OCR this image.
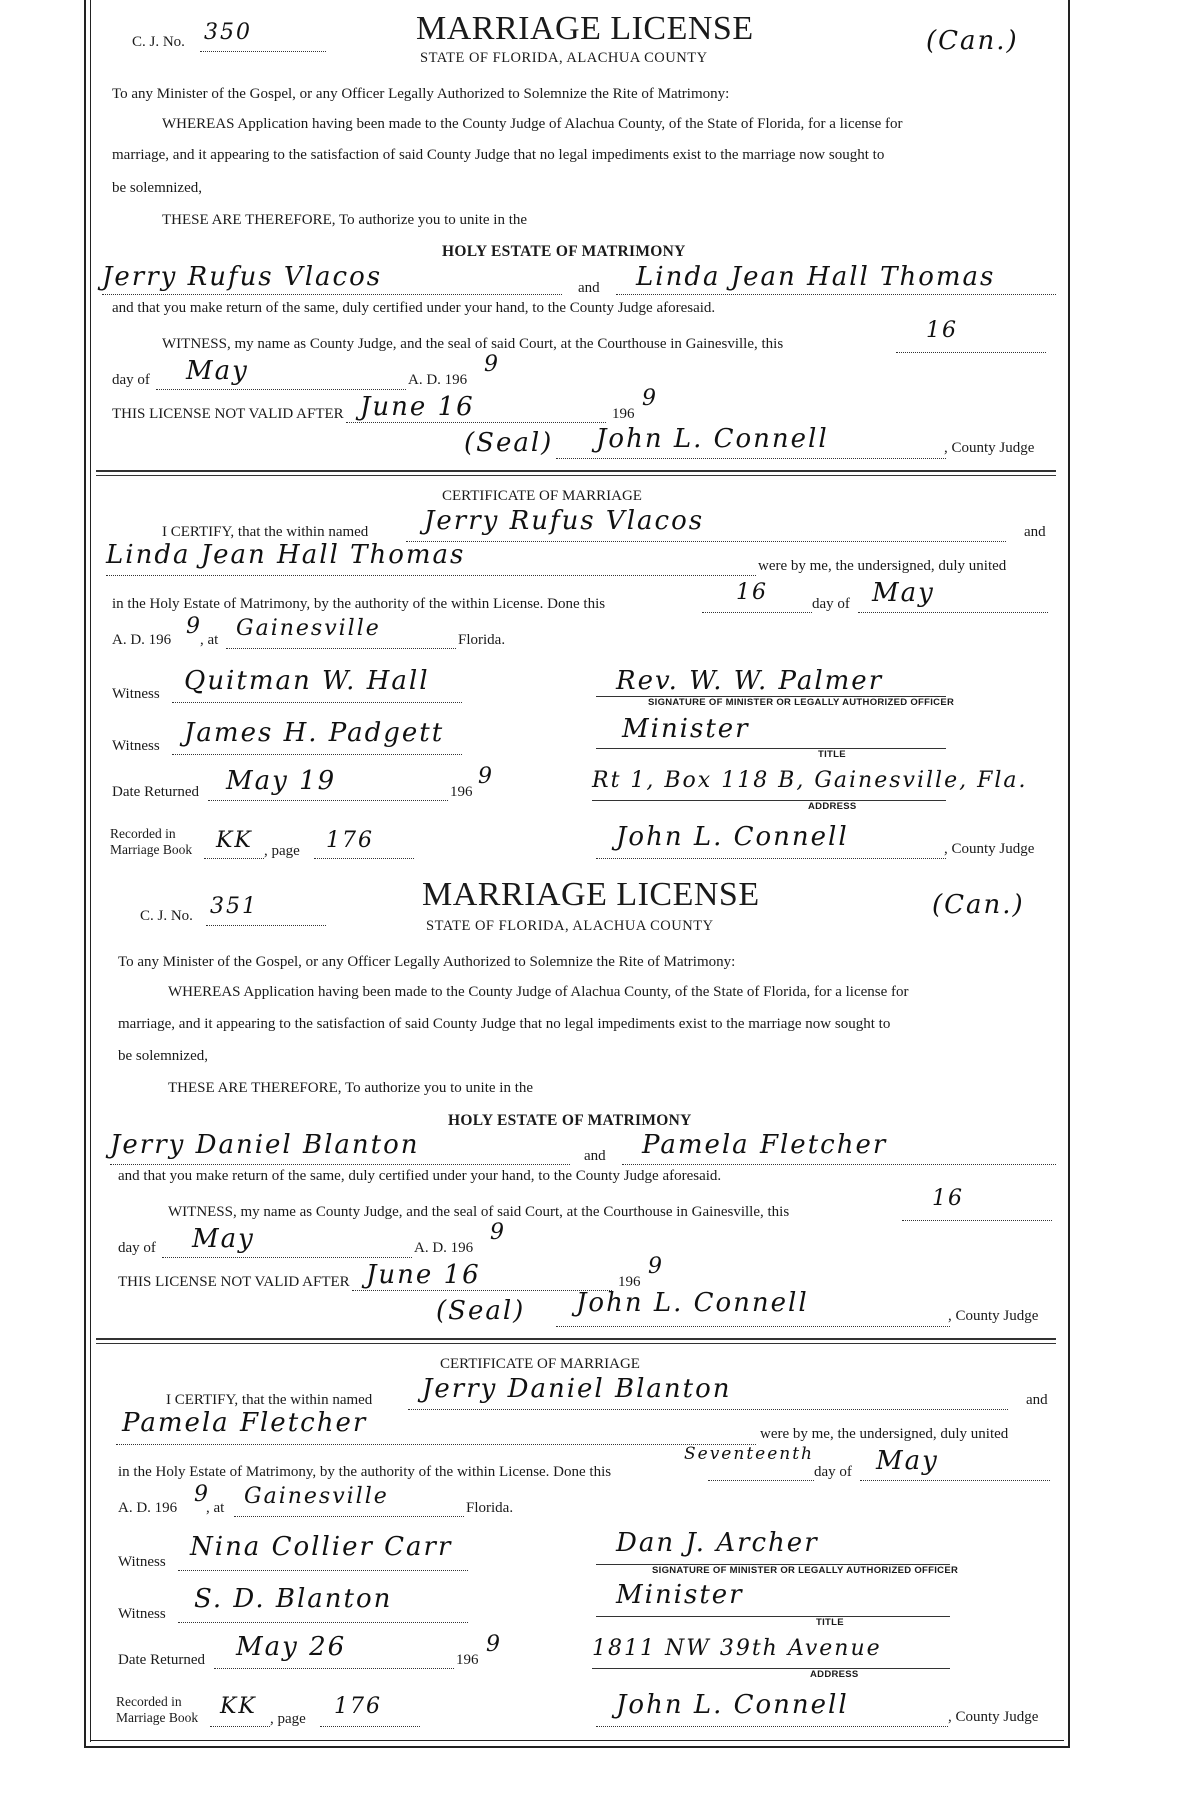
C. J. No. 350	MARRIAGE LICENSE
STATE OF FLORIDA, ALACHUA COUNTY
(Can.)
To any Minister of the Gospel, or any Officer Legally Authorized to Solemnize the Rite of Matrimony:
WHEREAS Application having been made to the County Judge of Alachua County, of the State of Florida, for a license for
marriage, and it appearing to the satisfaction of said County Judge that no legal impediments exist to the marriage now sought to
be solemnized,
THESE ARE THEREFORE, To authorize you to unite in the
HOLY ESTATE OF MATRIMONY
Jerry Rufus Vlacos	and Linda Jean Hall Thomas
and that you make return of the same, duly certified under your hand, to the County Judge aforesaid.
WITNESS, my name as County Judge, and the seal of said Court, at the Courthouse in Gainesville, this
16
day of May	A. D. 196
9
THIS LICENSE NOT VALID AFTER June 16	196
9
(Seal) John L. Connell	, County Judge
CERTIFICATE OF MARRIAGE
I CERTIFY, that the within named Jerry Rufus Vlacos	and
Linda Jean Hall Thomas	were by me, the undersigned, duly united
in the Holy Estate of Matrimony, by the authority of the within License. Done this	16	day of May
A. D. 196
9
, at Gainesville	Florida.
Witness Quitman W. Hall	Rev. W. W. Palmer
SIGNATURE OF MINISTER OR LEGALLY AUTHORIZED OFFICER
Witness James H. Padgett	Minister
TITLE
Date Returned May 19	196
9	Rt 1, Box 118 B, Gainesville, Fla.
ADDRESS
Recorded in
Marriage Book KK , page 176	John L. Connell	, County Judge
C. J. No. 351	MARRIAGE LICENSE
STATE OF FLORIDA, ALACHUA COUNTY
(Can.)
To any Minister of the Gospel, or any Officer Legally Authorized to Solemnize the Rite of Matrimony:
WHEREAS Application having been made to the County Judge of Alachua County, of the State of Florida, for a license for
marriage, and it appearing to the satisfaction of said County Judge that no legal impediments exist to the marriage now sought to
be solemnized,
THESE ARE THEREFORE, To authorize you to unite in the
HOLY ESTATE OF MATRIMONY
Jerry Daniel Blanton	and Pamela Fletcher
and that you make return of the same, duly certified under your hand, to the County Judge aforesaid.
WITNESS, my name as County Judge, and the seal of said Court, at the Courthouse in Gainesville, this
16
day of May	A. D. 196
9
THIS LICENSE NOT VALID AFTER June 16	196
9
(Seal) John L. Connell	, County Judge
CERTIFICATE OF MARRIAGE
I CERTIFY, that the within named Jerry Daniel Blanton	and
Pamela Fletcher	were by me, the undersigned, duly united
in the Holy Estate of Matrimony, by the authority of the within License. Done this
Seventeenth
day of May
A. D. 196
9
, at Gainesville	Florida.
Witness Nina Collier Carr	Dan J. Archer
SIGNATURE OF MINISTER OR LEGALLY AUTHORIZED OFFICER
Witness S. D. Blanton	Minister
TITLE
Date Returned May 26	196
9	1811 NW 39th Avenue
ADDRESS
Recorded in
Marriage Book KK , page 176	John L. Connell	, County Judge
